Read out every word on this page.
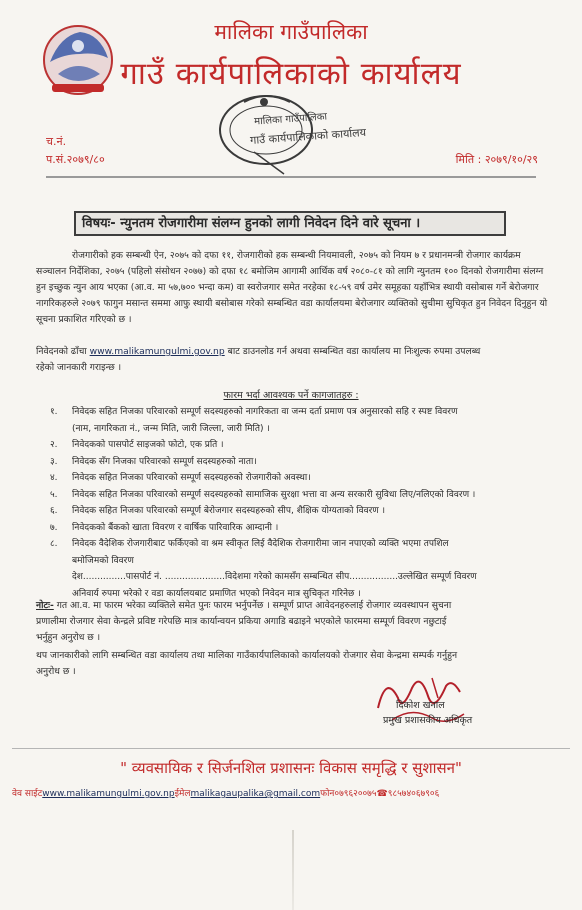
मालिका गाउँपालिका
गाउँ कार्यपालिकाको कार्यालय
मालिका गाउँपालिका
गाउँ कार्यपालिकाको कार्यालय
च.नं.
प.सं.२०७९/८०	मिति : २०७९/१०/२९
विषयः- न्युनतम रोजगारीमा संलग्न हुनको लागी निवेदन दिने वारे सूचना ।

रोजगारीको हक सम्बन्धी ऐन, २०७५ को दफा ११, रोजगारीको हक सम्बन्धी नियमावली, २०७५ को नियम ७ र प्रधानमन्त्री रोजगार कार्यक्रम सञ्चालन निर्देशिका, २०७५ (पहिलो संसोधन २०७७) को दफा १८ बमोजिम आगामी आर्थिक वर्ष २०८०-८१ को लागि न्युनतम १०० दिनको रोजगारीमा संलग्न हुन इच्छुक न्युन आय भएका (आ.व. मा ५७,७०० भन्दा कम) वा स्वरोजगार समेत नरहेका १८-५९ वर्ष उमेर समूहका यहाँभित्र स्थायी वसोबास गर्ने बेरोजगार नागरिकहरुले २०७९ फागुन मसान्त सममा आफु स्थायी बसोबास गरेको सम्बन्धित वडा कार्यालयमा बेरोजगार व्यक्तिको सुचीमा सुचिकृत हुन निवेदन दिनुहुन यो सूचना प्रकाशित गरिएको छ ।

निवेदनको ढाँचा www.malikamungulmi.gov.np बाट डाउनलोड गर्न अथवा सम्बन्धित वडा कार्यालय मा निःशुल्क रुपमा उपलब्ध
रहेको जानकारी गराइन्छ ।
फारम भर्दा आवश्यक पर्ने कागजातहरु :
१.	निवेदक सहित निजका परिवारको सम्पूर्ण सदस्यहरुको नागरिकता वा जन्म दर्ता प्रमाण पत्र अनुसारको सहि र स्पष्ट विवरण
(नाम, नागरिकता नं., जन्म मिति, जारी जिल्ला, जारी मिति) ।
२.	निवेदकको पासपोर्ट साइजको फोटो, एक प्रति ।
३.	निवेदक सँग निजका परिवारको सम्पूर्ण सदस्यहरुको नाता।
४.	निवेदक सहित निजका परिवारको सम्पूर्ण सदस्यहरुको रोजगारीको अवस्था।
५.	निवेदक सहित निजका परिवारको सम्पूर्ण सदस्यहरुको सामाजिक सुरक्षा भत्ता वा अन्य सरकारी सुविधा लिए/नलिएको विवरण ।
६.	निवेदक सहित निजका परिवारको सम्पूर्ण बेरोजगार सदस्यहरुको सीप, शैक्षिक योग्यताको विवरण ।
७.	निवेदकको बैंकको खाता विवरण र वार्षिक पारिवारिक आम्दानी ।
८.	निवेदक वैदेशिक रोजगारीबाट फर्किएको वा श्रम स्वीकृत लिई वैदेशिक रोजगारीमा जान नपाएको व्यक्ति भएमा तपशिल
बमोजिमको विवरण
देश...............पासपोर्ट नं. .....................विदेशमा गरेको कामसँग सम्बन्धित सीप.................उल्लेखित सम्पूर्ण विवरण
अनिवार्य रुपमा भरेको र वडा कार्यालयबाट प्रमाणित भएको निवेदन मात्र सुचिकृत गरिनेछ ।
नोटः- गत आ.व. मा फारम भरेका व्यक्तिले समेत पुनः फारम भर्नुपर्नेछ । सम्पूर्ण प्राप्त आवेदनहरुलाई रोजगार व्यवस्थापन सुचना
प्रणालीमा रोजगार सेवा केन्द्रले प्रविष्ट गरेपछि मात्र कार्यान्वयन प्रकिया अगाडि बढाइने भएकोले फारममा सम्पूर्ण विवरण नछुटाई
भर्नुहुन अनुरोध छ ।
थप जानकारीको लागि सम्बन्धित वडा कार्यालय तथा मालिका गाउँकार्यपालिकाको कार्यालयको रोजगार सेवा केन्द्रमा सम्पर्क गर्नुहुन
अनुरोध छ ।
दिकोश खनाल
प्रमुख प्रशासकीय अधिकृत
" व्यवसायिक र सिर्जनशिल प्रशासनः विकास समृद्धि र सुशासन"
वेव साईटwww.malikamungulmi.gov.npईमेलmalikagaupalika@gmail.comफोन०७९६२००७५☎९८५७४०६७९०६
